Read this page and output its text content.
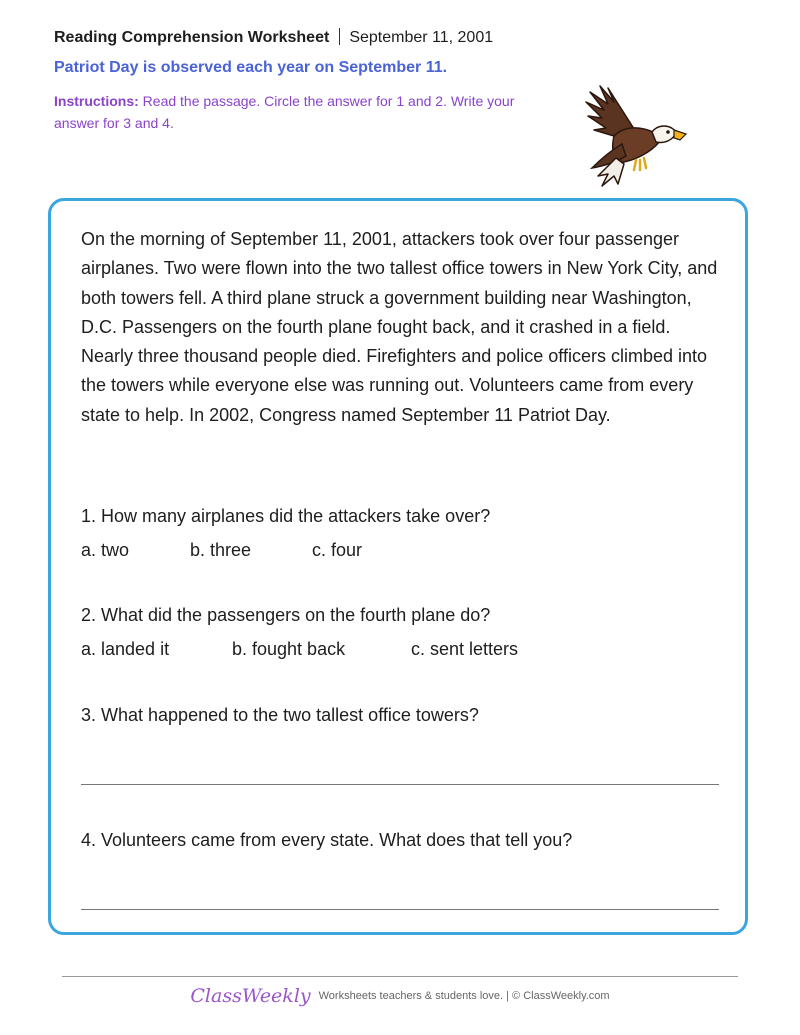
Reading Comprehension Worksheet September 11, 2001
Patriot Day is observed each year on September 11.
Instructions: Read the passage. Circle the answer for 1 and 2. Write your answer for 3 and 4.
On the morning of September 11, 2001, attackers took over four passenger airplanes. Two were flown into the two tallest office towers in New York City, and both towers fell. A third plane struck a government building near Washington, D.C. Passengers on the fourth plane fought back, and it crashed in a field. Nearly three thousand people died. Firefighters and police officers climbed into the towers while everyone else was running out. Volunteers came from every state to help. In 2002, Congress named September 11 Patriot Day.
1. How many airplanes did the attackers take over?
a. two	b. three	c. four
2. What did the passengers on the fourth plane do?
a. landed it	b. fought back	c. sent letters
3. What happened to the two tallest office towers?
4. Volunteers came from every state. What does that tell you?
ClassWeekly Worksheets teachers & students love. | © ClassWeekly.com
